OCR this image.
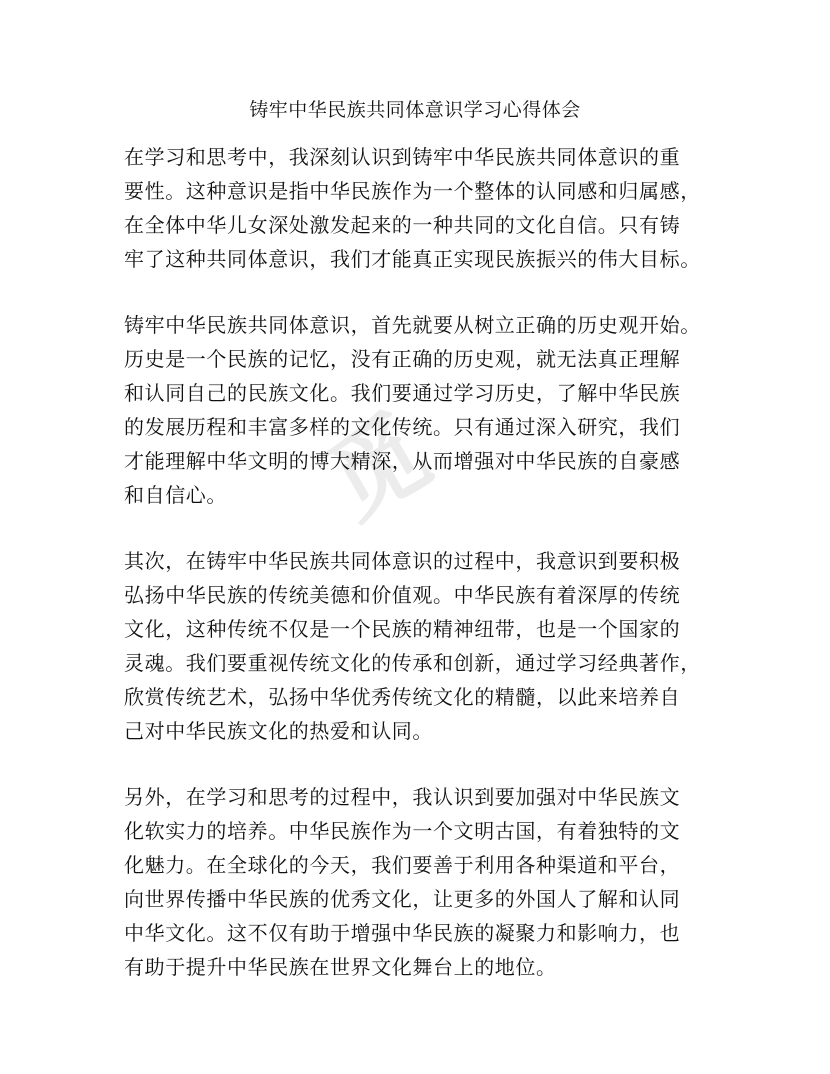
觅
铸牢中华民族共同体意识学习心得体会
在学习和思考中，我深刻认识到铸牢中华民族共同体意识的重
要性。这种意识是指中华民族作为一个整体的认同感和归属感，
在全体中华儿女深处激发起来的一种共同的文化自信。只有铸
牢了这种共同体意识，我们才能真正实现民族振兴的伟大目标。
铸牢中华民族共同体意识，首先就要从树立正确的历史观开始。
历史是一个民族的记忆，没有正确的历史观，就无法真正理解
和认同自己的民族文化。我们要通过学习历史，了解中华民族
的发展历程和丰富多样的文化传统。只有通过深入研究，我们
才能理解中华文明的博大精深，从而增强对中华民族的自豪感
和自信心。
其次，在铸牢中华民族共同体意识的过程中，我意识到要积极
弘扬中华民族的传统美德和价值观。中华民族有着深厚的传统
文化，这种传统不仅是一个民族的精神纽带，也是一个国家的
灵魂。我们要重视传统文化的传承和创新，通过学习经典著作，
欣赏传统艺术，弘扬中华优秀传统文化的精髓，以此来培养自
己对中华民族文化的热爱和认同。
另外，在学习和思考的过程中，我认识到要加强对中华民族文
化软实力的培养。中华民族作为一个文明古国，有着独特的文
化魅力。在全球化的今天，我们要善于利用各种渠道和平台，
向世界传播中华民族的优秀文化，让更多的外国人了解和认同
中华文化。这不仅有助于增强中华民族的凝聚力和影响力，也
有助于提升中华民族在世界文化舞台上的地位。
